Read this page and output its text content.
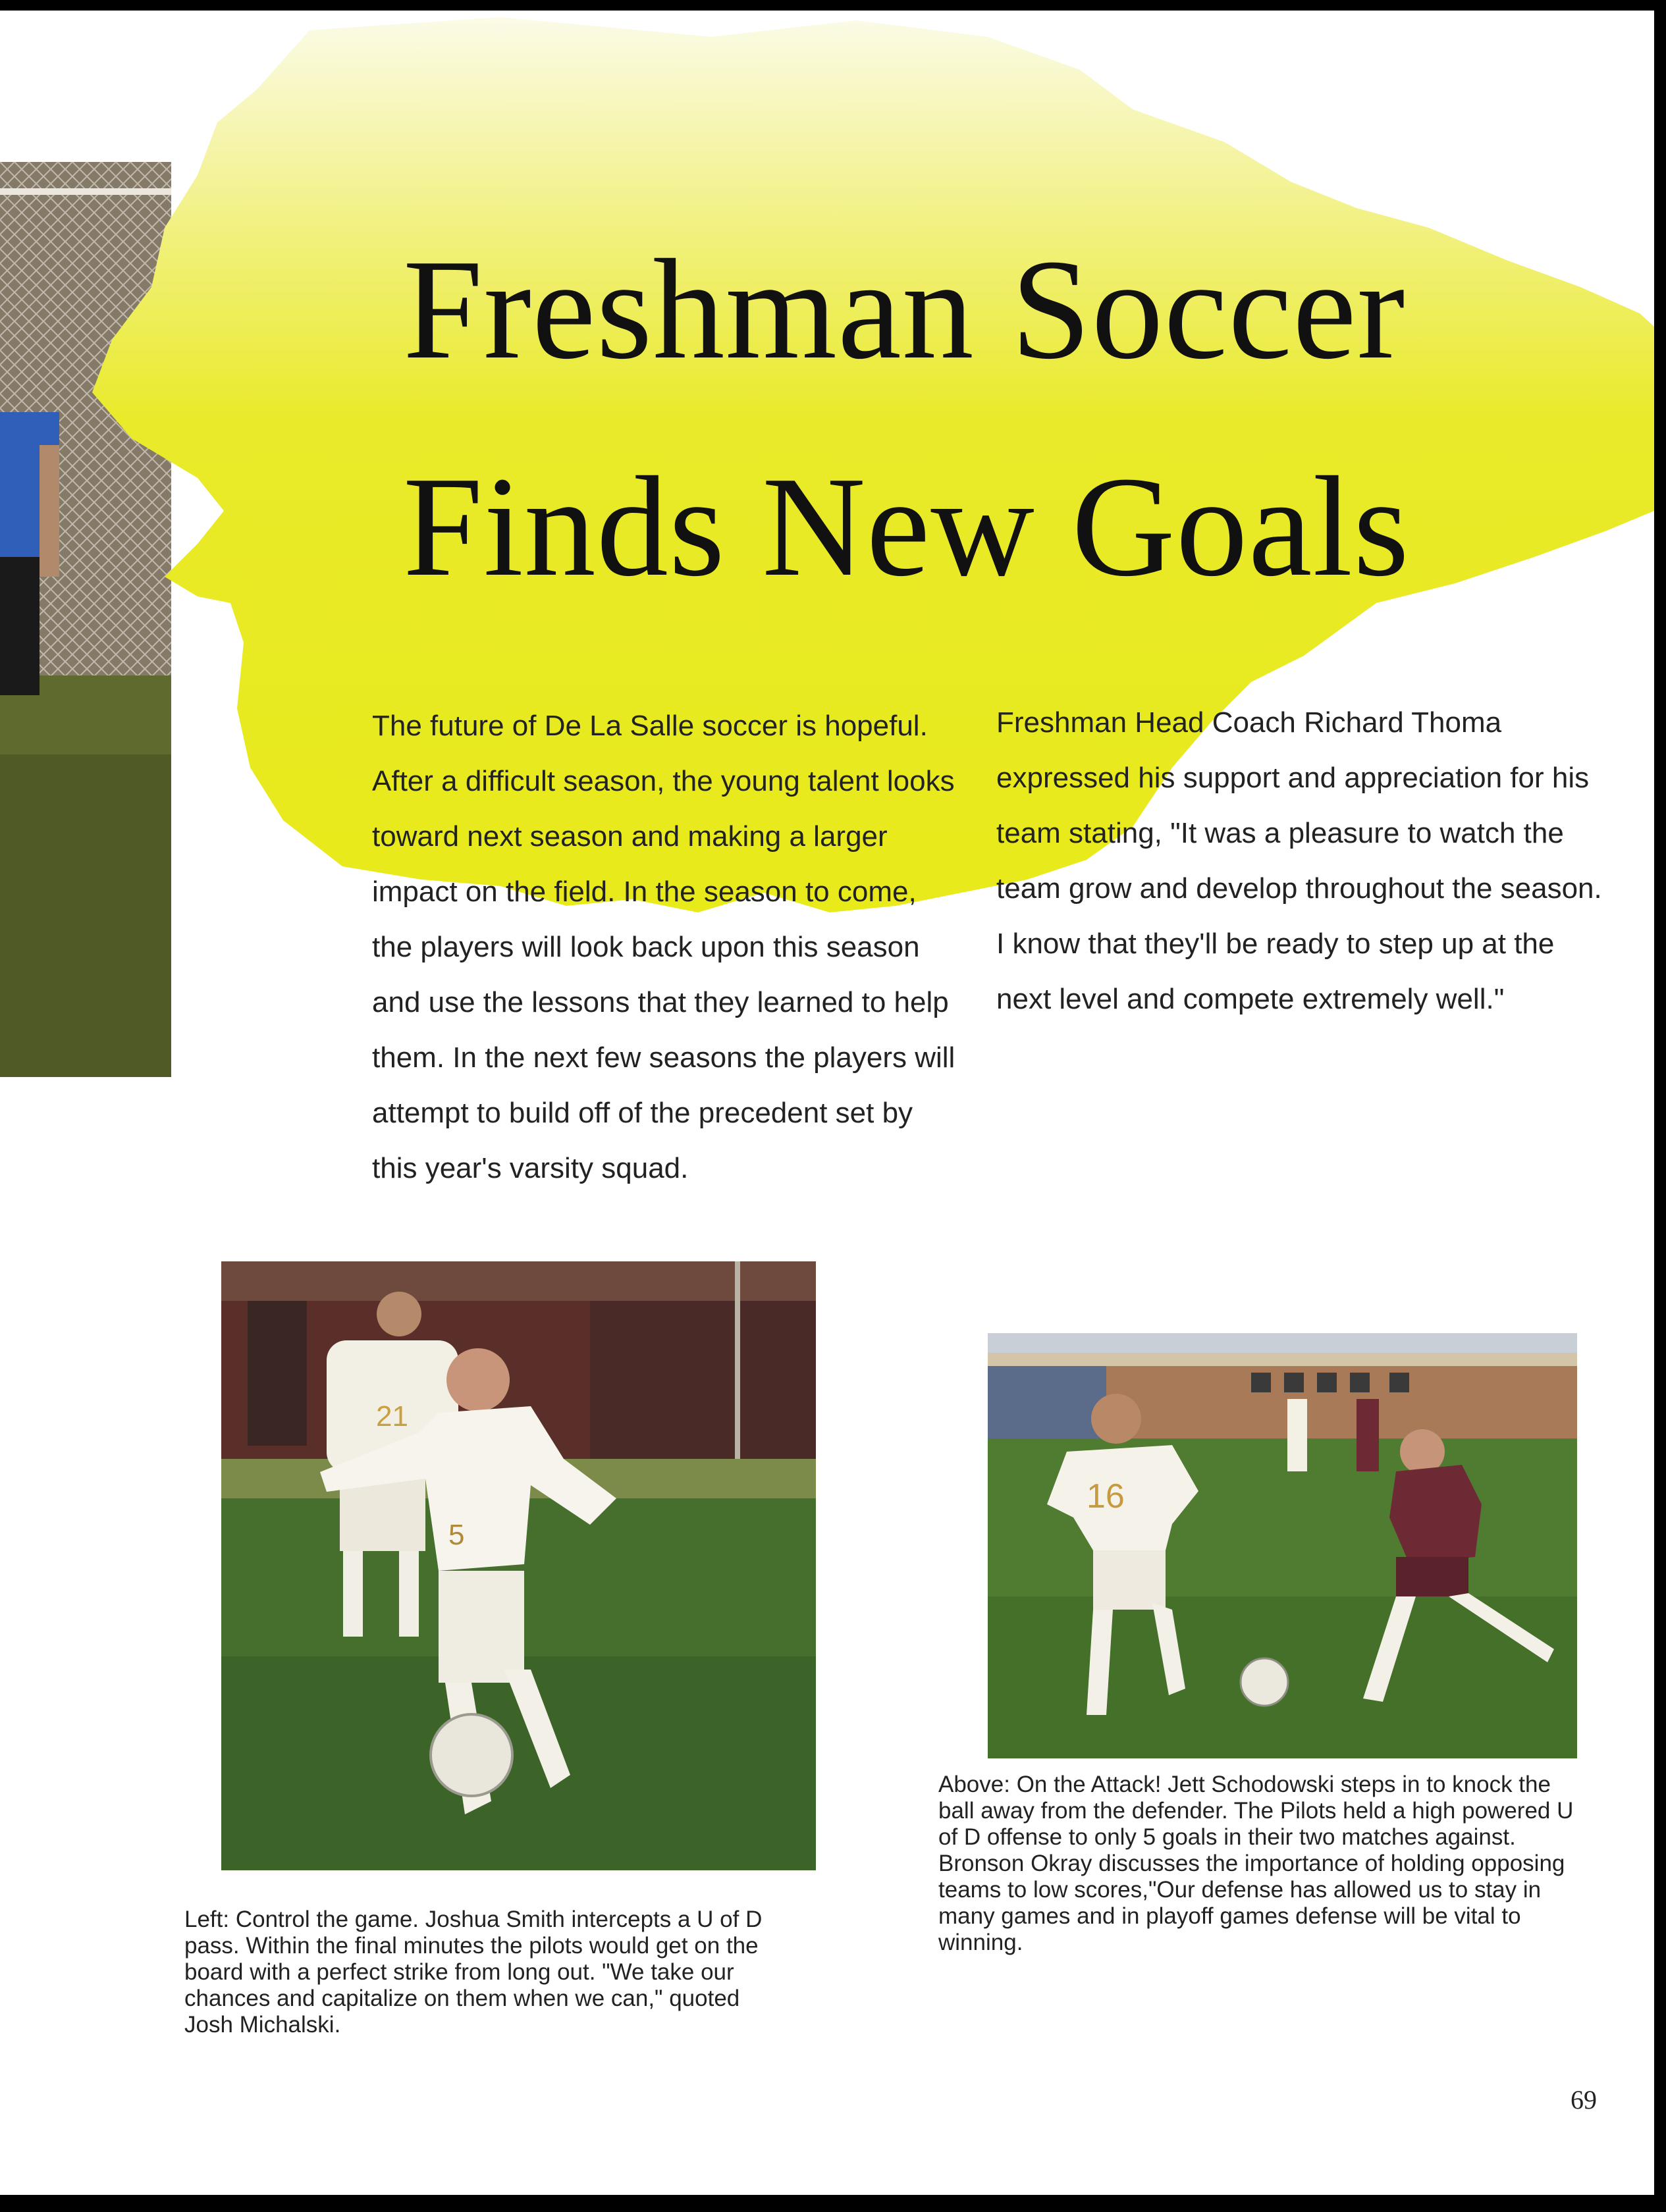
Freshman Soccer
Finds New Goals

The future of De La Salle soccer is hopeful. After a difficult season, the young talent looks toward next season and making a larger impact on the field. In the season to come, the players will look back upon this season and use the lessons that they learned to help them. In the next few seasons the players will attempt to build off of the precedent set by this year's varsity squad.

Freshman Head Coach Richard Thoma expressed his support and appreciation for his team stating, "It was a pleasure to watch the team grow and develop throughout the season. I know that they'll be ready to step up at the next level and compete extremely well."

21
5
16

Left: Control the game. Joshua Smith intercepts a U of D pass. Within the final minutes the pilots would get on the board with a perfect strike from long out. "We take our chances and capitalize on them when we can," quoted Josh Michalski.

Above: On the Attack! Jett Schodowski steps in to knock the ball away from the defender. The Pilots held a high powered U of D offense to only 5 goals in their two matches against. Bronson Okray discusses the importance of holding opposing teams to low scores,"Our defense has allowed us to stay in many games and in playoff games defense will be vital to winning.

69
